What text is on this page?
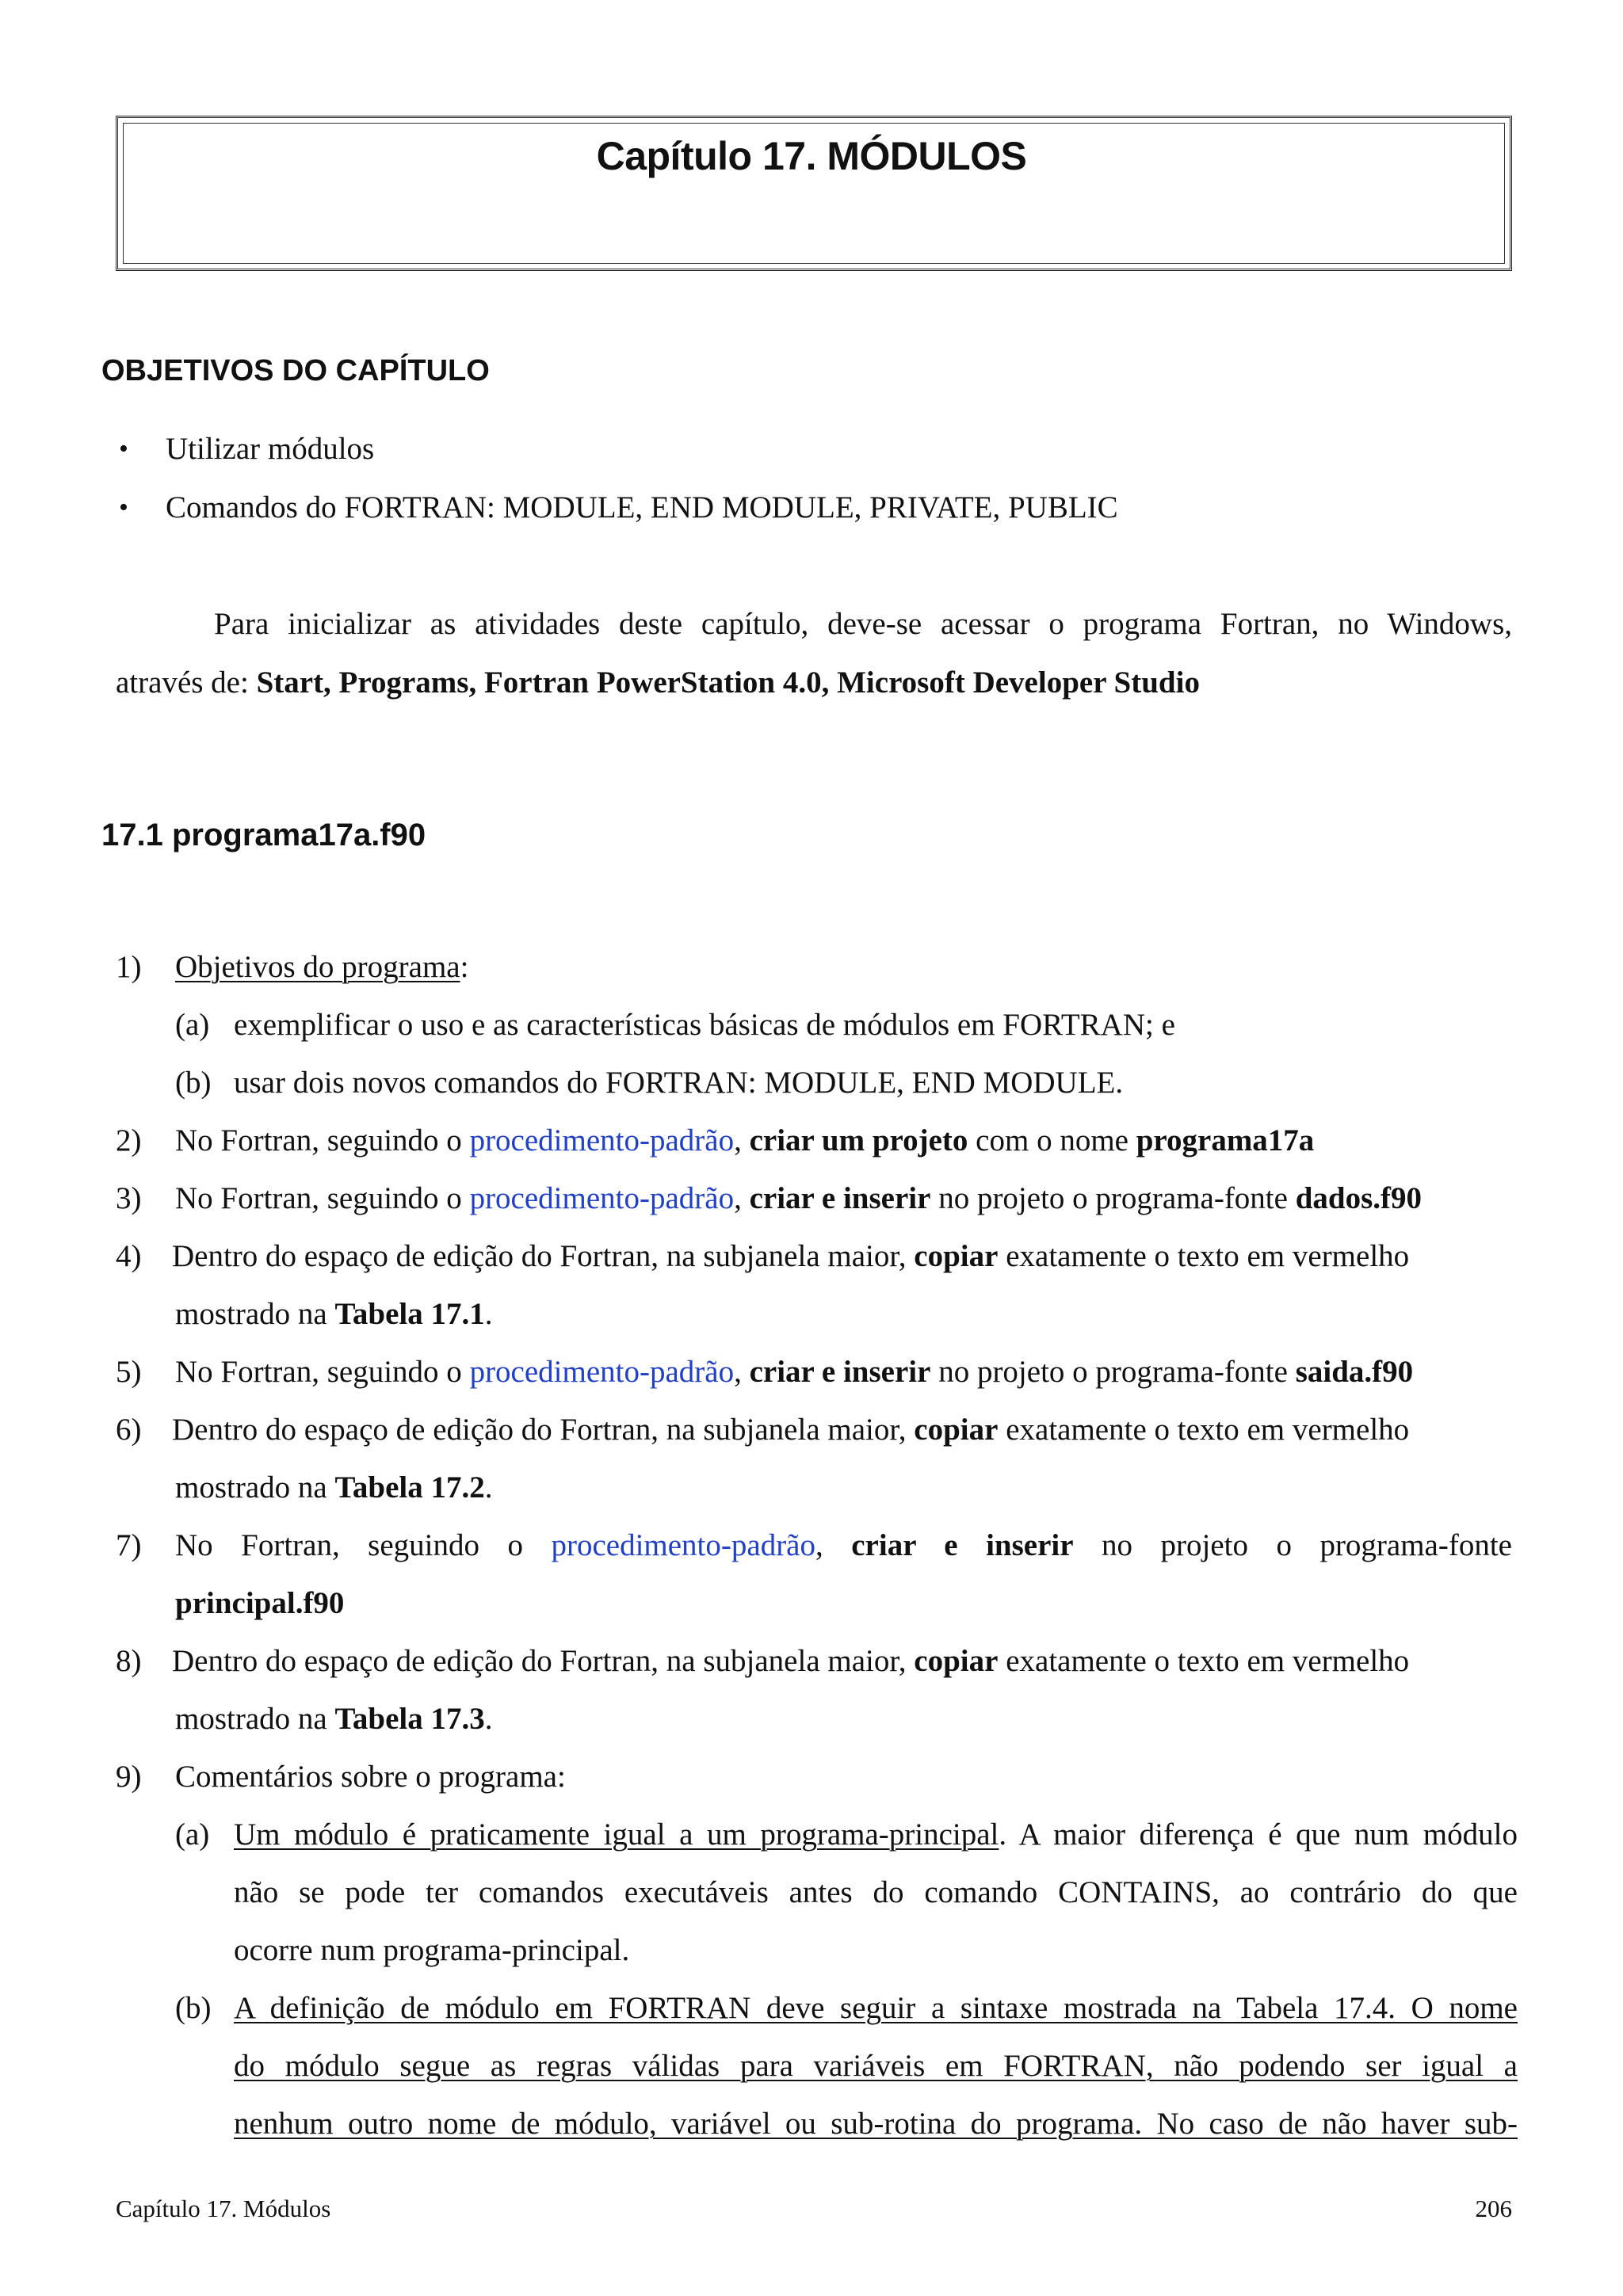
Capítulo 17. MÓDULOS
OBJETIVOS DO CAPÍTULO
• Utilizar módulos
• Comandos do FORTRAN: MODULE, END MODULE, PRIVATE, PUBLIC
Para inicializar as atividades deste capítulo, deve-se acessar o programa Fortran, no Windows,
através de: Start, Programs, Fortran PowerStation 4.0, Microsoft Developer Studio
17.1 programa17a.f90
1) Objetivos do programa:
(a) exemplificar o uso e as características básicas de módulos em FORTRAN; e
(b) usar dois novos comandos do FORTRAN: MODULE, END MODULE.
2) No Fortran, seguindo o procedimento-padrão, criar um projeto com o nome programa17a
3) No Fortran, seguindo o procedimento-padrão, criar e inserir no projeto o programa-fonte dados.f90
4) Dentro do espaço de edição do Fortran, na subjanela maior, copiar exatamente o texto em vermelho
mostrado na Tabela 17.1.
5) No Fortran, seguindo o procedimento-padrão, criar e inserir no projeto o programa-fonte saida.f90
6) Dentro do espaço de edição do Fortran, na subjanela maior, copiar exatamente o texto em vermelho
mostrado na Tabela 17.2.
7) No Fortran, seguindo o procedimento-padrão, criar e inserir no projeto o programa-fonte
principal.f90
8) Dentro do espaço de edição do Fortran, na subjanela maior, copiar exatamente o texto em vermelho
mostrado na Tabela 17.3.
9) Comentários sobre o programa:
(a) Um módulo é praticamente igual a um programa-principal. A maior diferença é que num módulo
não se pode ter comandos executáveis antes do comando CONTAINS, ao contrário do que
ocorre num programa-principal.
(b) A definição de módulo em FORTRAN deve seguir a sintaxe mostrada na Tabela 17.4. O nome
do módulo segue as regras válidas para variáveis em FORTRAN, não podendo ser igual a
nenhum outro nome de módulo, variável ou sub-rotina do programa. No caso de não haver sub-
Capítulo 17. Módulos	206
